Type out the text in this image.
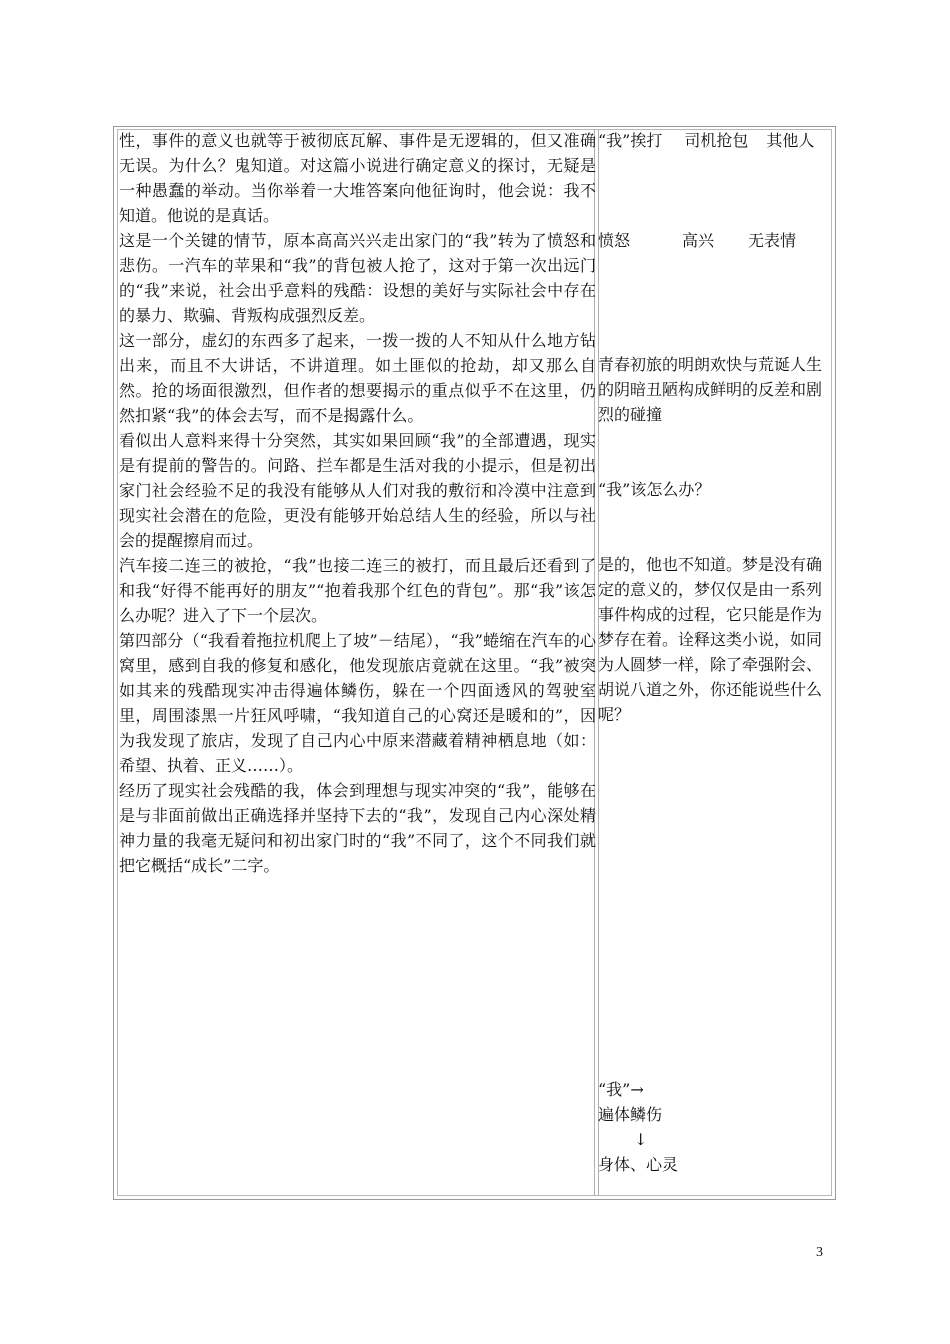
性，事件的意义也就等于被彻底瓦解、事件是无逻辑的，但又准确无误。为什么？鬼知道。对这篇小说进行确定意义的探讨，无疑是一种愚蠢的举动。当你举着一大堆答案向他征询时，他会说：我不知道。他说的是真话。

这是一个关键的情节，原本高高兴兴走出家门的“我”转为了愤怒和悲伤。一汽车的苹果和“我”的背包被人抢了，这对于第一次出远门的“我”来说，社会出乎意料的残酷：设想的美好与实际社会中存在的暴力、欺骗、背叛构成强烈反差。

这一部分，虚幻的东西多了起来，一拨一拨的人不知从什么地方钻出来，而且不大讲话，不讲道理。如土匪似的抢劫，却又那么自然。抢的场面很激烈，但作者的想要揭示的重点似乎不在这里，仍然扣紧“我”的体会去写，而不是揭露什么。

看似出人意料来得十分突然，其实如果回顾“我”的全部遭遇，现实是有提前的警告的。问路、拦车都是生活对我的小提示，但是初出家门社会经验不足的我没有能够从人们对我的敷衍和冷漠中注意到现实社会潜在的危险，更没有能够开始总结人生的经验，所以与社会的提醒擦肩而过。

汽车接二连三的被抢，“我”也接二连三的被打，而且最后还看到了和我“好得不能再好的朋友”“抱着我那个红色的背包”。那“我”该怎么办呢？进入了下一个层次。

第四部分（“我看着拖拉机爬上了坡”－结尾），“我”蜷缩在汽车的心窝里，感到自我的修复和感化，他发现旅店竟就在这里。“我”被突如其来的残酷现实冲击得遍体鳞伤，躲在一个四面透风的驾驶室里，周围漆黑一片狂风呼啸，“我知道自己的心窝还是暖和的”，因为我发现了旅店，发现了自己内心中原来潜藏着精神栖息地（如：希望、执着、正义……）。

经历了现实社会残酷的我，体会到理想与现实冲突的“我”，能够在是与非面前做出正确选择并坚持下去的“我”，发现自己内心深处精神力量的我毫无疑问和初出家门时的“我”不同了，这个不同我们就把它概括“成长”二字。

“我”挨打 司机抢包 其他人
愤怒	高兴 无表情

青春初旅的明朗欢快与荒诞人生的阴暗丑陋构成鲜明的反差和剧烈的碰撞

“我”该怎么办？

是的，他也不知道。梦是没有确定的意义的，梦仅仅是由一系列事件构成的过程，它只能是作为梦存在着。诠释这类小说，如同为人圆梦一样，除了牵强附会、胡说八道之外，你还能说些什么呢？

“我”→

遍体鳞伤

↓

身体、心灵

3
